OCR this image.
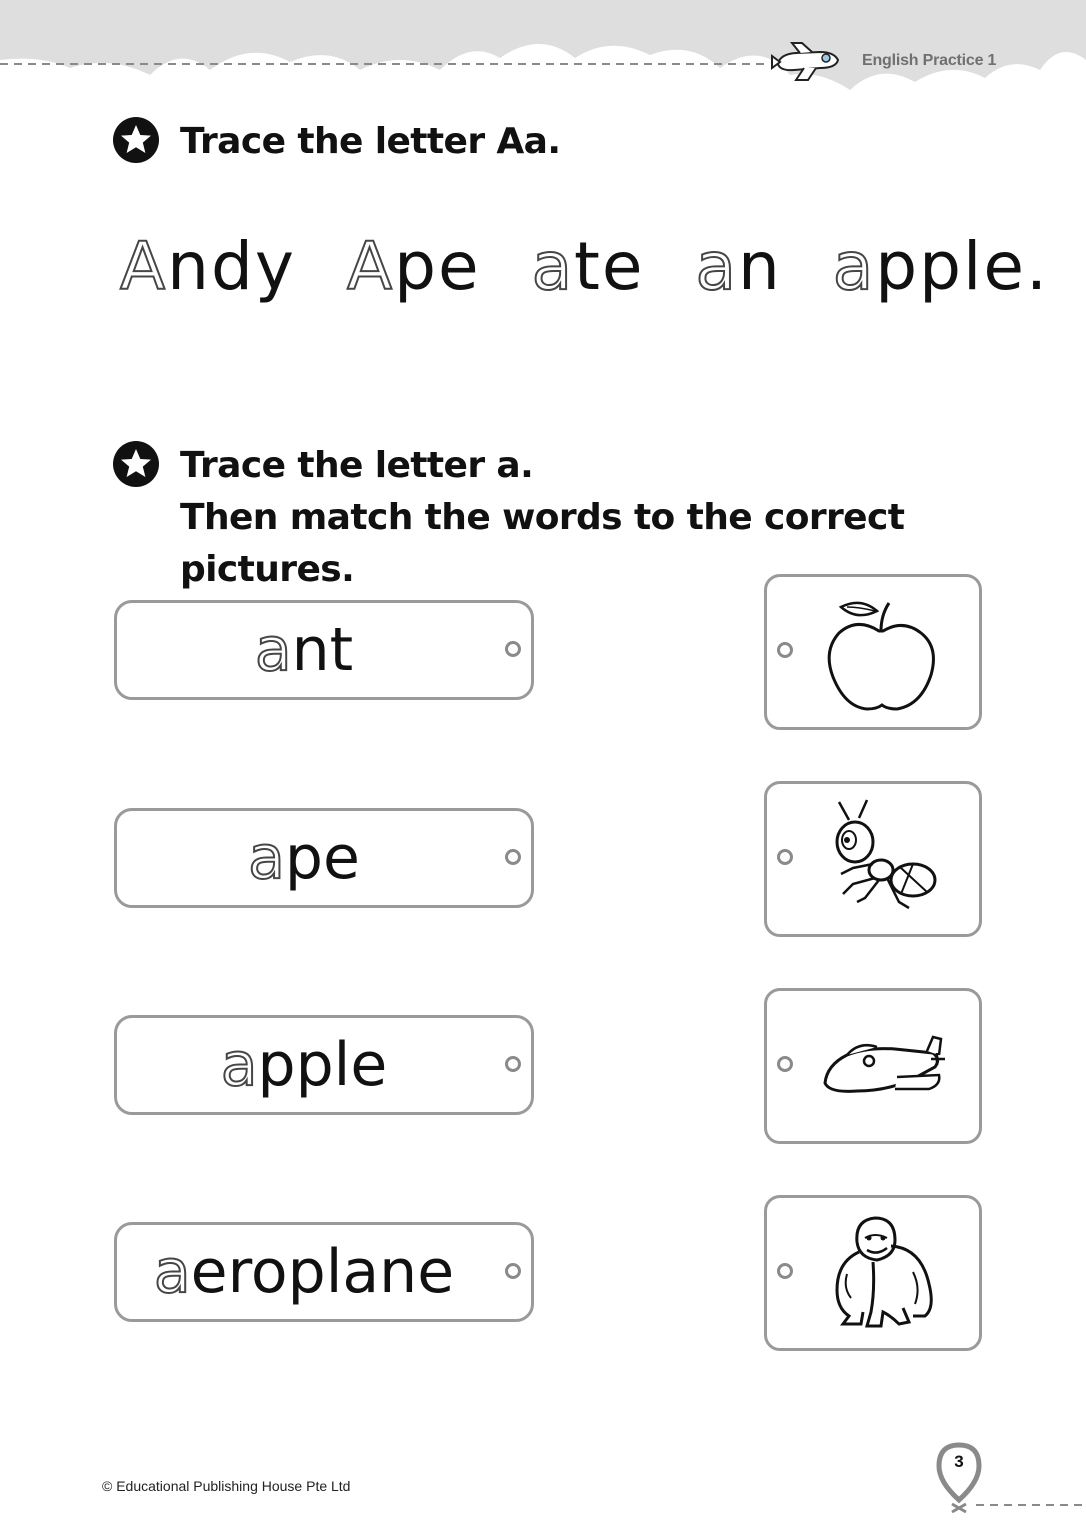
English Practice 1
Trace the letter Aa.
Andy Ape ate an apple.
Trace the letter a.
Then match the words to the correct pictures.
ant
ape
apple
aeroplane
© Educational Publishing House Pte Ltd
3
